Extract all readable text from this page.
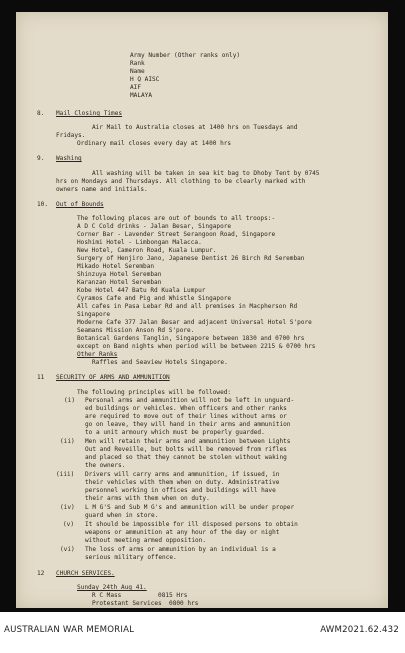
Army Number (Other ranks only)
Rank
Name
H Q AISC
AIF
MALAYA
8. Mail Closing Times
Air Mail to Australia closes at 1400 hrs on Tuesdays and
Fridays.
Ordinary mail closes every day at 1400 hrs
9. Washing
All washing will be taken in sea kit bag to Dhoby Tent by 0745
hrs on Mondays and Thursdays. All clothing to be clearly marked with
owners name and initials.
10. Out of Bounds
The following places are out of bounds to all troops:-
A D C Cold drinks - Jalan Besar, Singapore
Corner Bar - Lavender Street Serangoon Road, Singapore
Hoshimi Hotel - Limbongan Malacca.
New Hotel, Cameron Road, Kuala Lumpur.
Surgery of Henjiro Jano, Japanese Dentist 26 Birch Rd Seremban
Mikado Hotel Seremban
Shinzuya Hotel Seremban
Karanzan Hotel Seremban
Kobe Hotel 447 Batu Rd Kuala Lumpur
Cyramos Cafe and Pig and Whistle Singapore
All cafes in Pasa Lebar Rd and all premises in Macpherson Rd
Singapore
Moderne Cafe 377 Jalan Besar and adjacent Universal Hotel S'pore
Seamans Mission Anson Rd S'pore.
Botanical Gardens Tanglin, Singapore between 1830 and 0700 hrs
except on Band nights when period will be between 2215 & 0700 hrs
Other Ranks
Raffles and Seaview Hotels Singapore.
11 SECURITY OF ARMS AND AMMUNITION
The following principles will be followed:
(i) Personal arms and ammunition will not be left in unguard-
ed buildings or vehicles. When officers and other ranks
are required to move out of their lines without arms or
go on leave, they will hand in their arms and ammunition
to a unit armoury which must be properly guarded.
(ii) Men will retain their arms and ammunition between Lights
Out and Reveille, but bolts will be removed from rifles
and placed so that they cannot be stolen without waking
the owners.
(iii) Drivers will carry arms and ammunition, if issued, in
their vehicles with them when on duty. Administrative
personnel working in offices and buildings will have
their arms with them when on duty.
(iv) L M G'S and Sub M G's and ammunition will be under proper
guard when in store.
(v) It should be impossible for ill disposed persons to obtain
weapons or ammunition at any hour of the day or night
without meeting armed opposition.
(vi) The loss of arms or ammunition by an individual is a
serious military offence.
12 CHURCH SERVICES.
Sunday 24th Aug 41.
R C Mass          0815 Hrs
Protestant Services  0800 hrs
AUSTRALIAN WAR MEMORIAL	AWM2021.62.432
